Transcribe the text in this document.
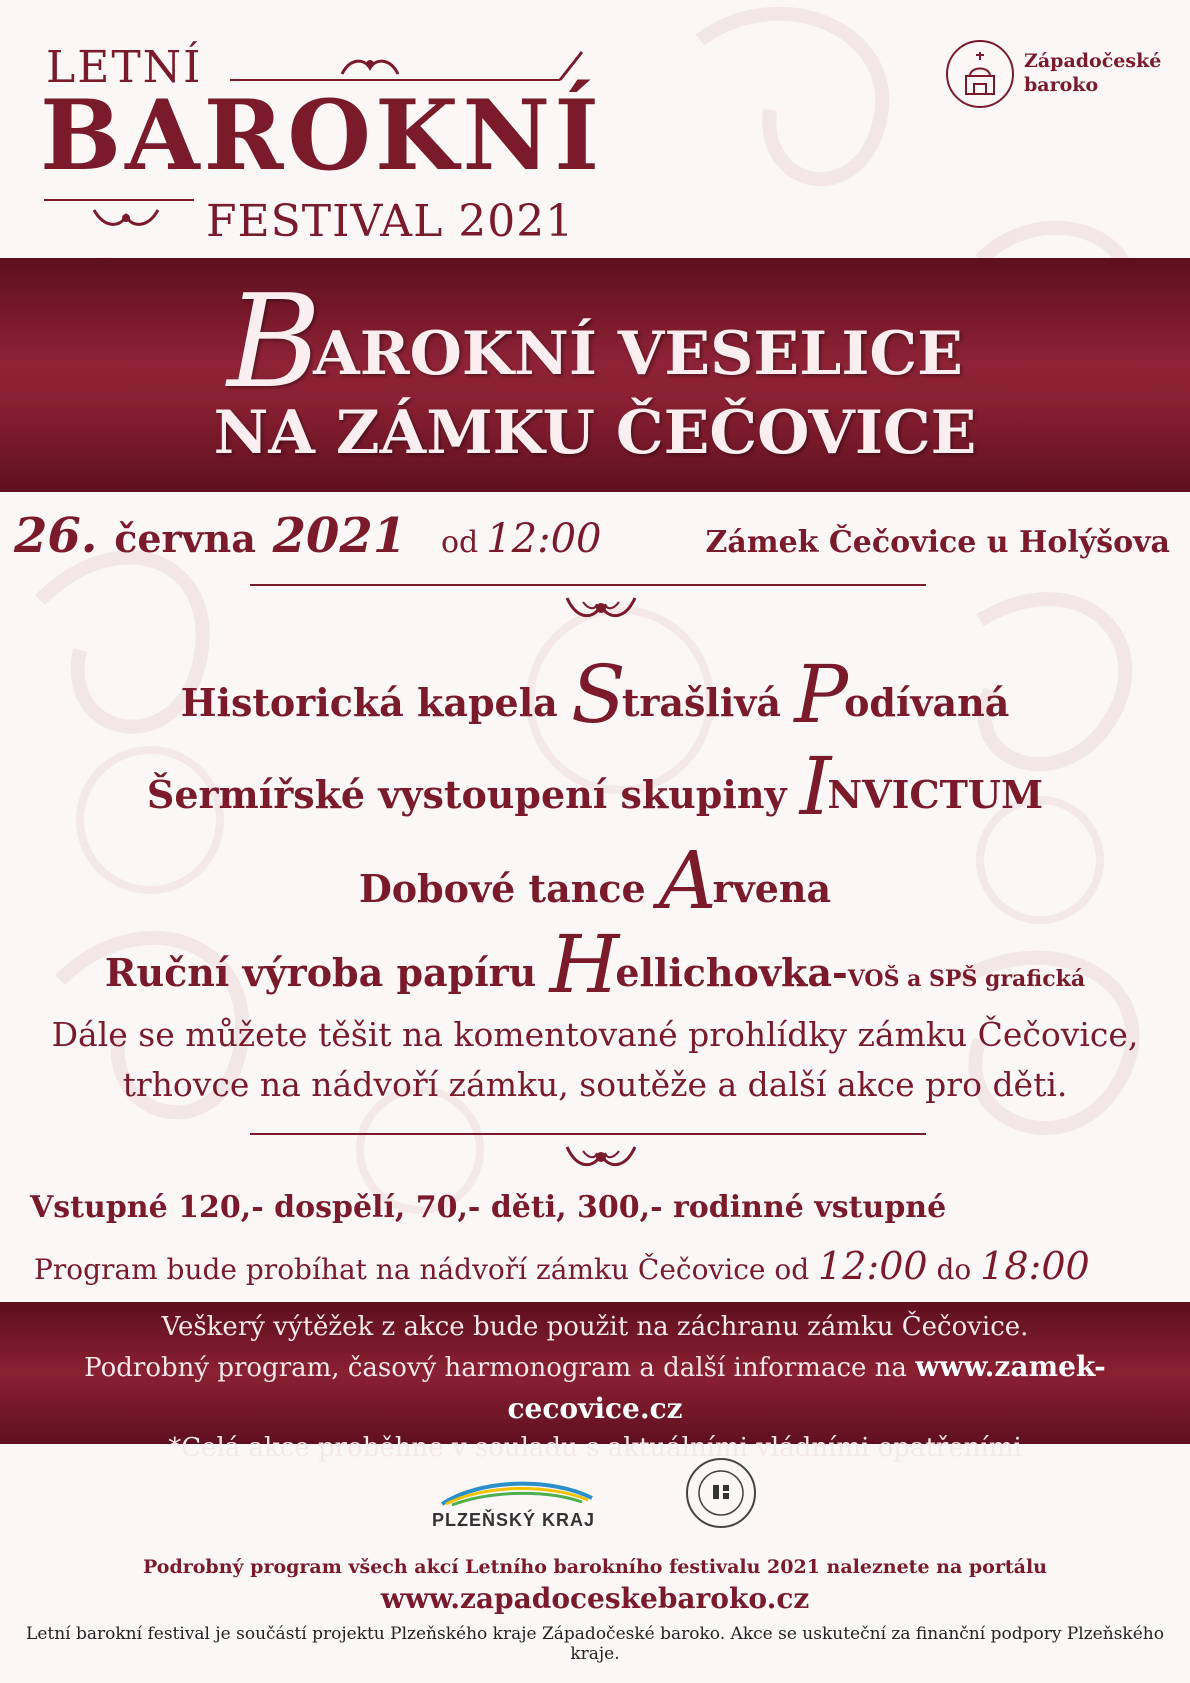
LETNÍ
BAROKNÍ
FESTIVAL 2021
Západočeské
baroko
BAROKNÍ VESELICE
NA ZÁMKU ČEČOVICE
26. června 2021 od 12:00	Zámek Čečovice u Holýšova
Historická kapela Strašlivá Podívaná
Šermířské vystoupení skupiny INVICTUM
Dobové tance Arvena
Ruční výroba papíru Hellichovka-VOŠ a SPŠ grafická
Dále se můžete těšit na komentované prohlídky zámku Čečovice,
trhovce na nádvoří zámku, soutěže a další akce pro děti.
Vstupné 120,- dospělí, 70,- děti, 300,- rodinné vstupné
Program bude probíhat na nádvoří zámku Čečovice od 12:00 do 18:00
Veškerý výtěžek z akce bude použit na záchranu zámku Čečovice.
Podrobný program, časový harmonogram a další informace na www.zamek-cecovice.cz
*Celá akce proběhne v souladu s aktuálními vládními opatřeními
PLZEŇSKÝ KRAJ
Podrobný program všech akcí Letního barokního festivalu 2021 naleznete na portálu
www.zapadoceskebaroko.cz
Letní barokní festival je součástí projektu Plzeňského kraje Západočeské baroko. Akce se uskuteční za finanční podpory Plzeňského kraje.
